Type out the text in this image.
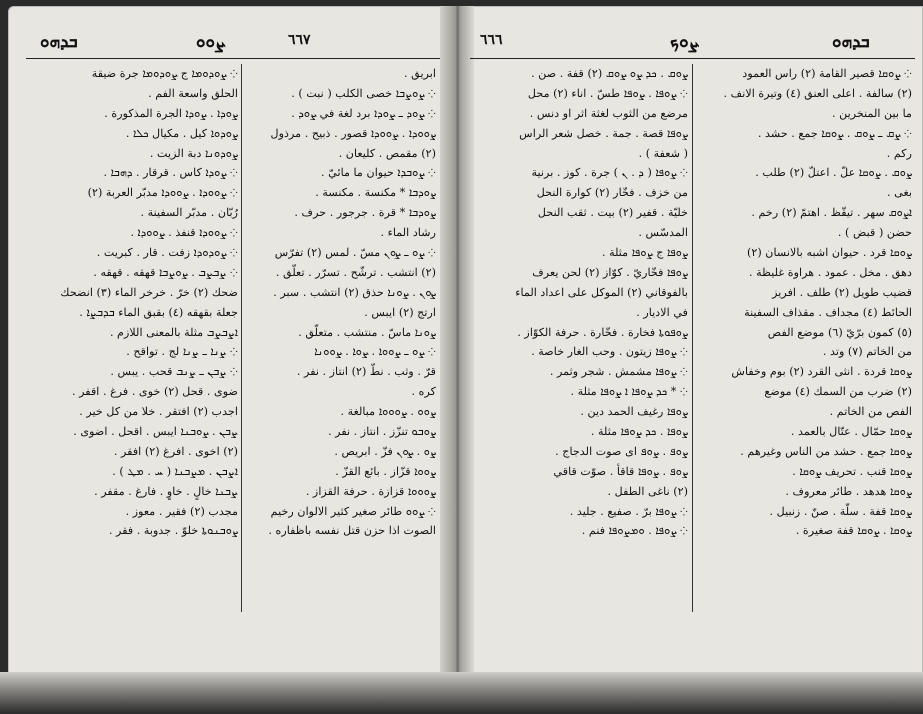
ܒܕܗܘ	ܨܘܘ	٦٦٧
ابريق .
⁘ ܨܘܨܒܐ خصى الكلب ( نبت ) .
⁘ ܨܘܕ ـ ܨܘܕܐ برد لغة في ܨܘܕ .
ܨܘܘܕܐ . ܨܘܘܕܐ قصور . ذبيح . مرذول
(٢) مقمص . كليعان .
⁘ ܨܘܒܕܐ حيوان ما مائيّ .
ܨܘܕܒܐ * مكنسة . مكنسة .
ܨܘܕܒܐ * قرة . جرجور . حرف .
رشاد الماء .
⁘ ܨܘ ـ ܨܘܢ مسّ . لمس (٢) تفرّس
(٢) انتشب . ترشّح . تسرّر . تعلّق .
ܨܘܢ . ܨܘܢܐ حذق (٢) انتشب . سبر .
ارتج (٢) ايبس .
ܨܘܢܐ ماسّ . منتشب . متعلّق .
⁘ ܨܘ ـ ܨܘܘܐ . ܨܘܐ . ܨܘܘܢܐ
قرّ . وثب . نطّ (٢) انتاز . نفر .
كره .
ܨܘܘ . ܨܘܘܘܐ مبالغة .
ܨܘܒܘ تنزّز . انتاز . نفر .
ܨܘ . ܨܘܢ فزّ . ابريص .
ܨܘܘܐ قزّاز . بائع القزّ .
ܨܘܘܘܐ قزازة . حرفة القزاز .
⁘ ܨܘܘ طائر صغير كثير الالوان رخيم
الصوت اذا حزن قتل نفسه باظفاره .
⁘ ܨܘܕܘܡܐ ج ܨܘܕܘܡܐ جرة ضيقة
الحلق واسعة الفم .
ܨܘܕܐ . ܨܘܕܐ الجرة المذكورة .
ܨܘܕܘܐ كيل . مكيال ܟܠܐ .
ܨܘܕܘܢܐ دبة الزيت .
⁘ ܨܘܕܐ كاس . قرقار . ܕܗܒܐ .
⁘ ܨܘܘܕܐ . ܨܘܘܕܐ مدبّر العربة (٢)
رُبّان . مدبّر السفينة .
⁘ ܨܘܘܕܐ قنفذ . ܨܘܘܕܐ .
⁘ ܨܘܕܘܕܐ زفت . قار . كبريت .
⁘ ܨܒܨܒ . ܨܘܨܒܐ قهقه . قهقه .
ضحك (٢) خرّ . خرخر الماء (٣) انضحك
جعلة بقهقه (٤) بقبق الماء ܒܕܒܨܐ .
ܐܨܒܨܒ مثلة بالمعنى اللازم .
⁘ ܨܢܐ ـ ܨܢܐ لج . تواقح .
⁘ ܨܒܢ ـ ܨܢܒ قحب . يبس .
ضوى . قحل (٢) خوى . فرغ . اقفر .
اجدب (٢) افتقر . خلا من كل خير .
ܨܒܢ . ܨܘܒܢܐ ايبس . اقحل . اضوى .
(٢) اخوى . افرغ (٢) افقر .
ܐܨܒܢ . ܡܨܒܢܐ ( ܚ . ܡܛ ) .
ܨܒܢܐ خالٍ . خاوٍ . فارغ . مقفر .
مجدب (٢) فقير . معوز .
ܨܘܒܢܘܬܐ خلوّ . جدوبة . فقر .
٦٦٦	ܨܘܟ	ܒܕܗܘ
⁘ ܨܘܩܐ قصير القامة (٢) راس العمود
(٢) سالفة . اعلى العنق (٤) وتيرة الانف .
ما بين المنخرين .
⁘ ܨܩ ـ ܨܘܩ . ܨܘܩܐ جمع . حشد .
ركم .
ܨܘܩ . ܨܘܩܐ علّ . اعتلّ (٢) طلب .
بغى .
ܐܨܘܩ سهر . تيقّظ . اهتمّ (٢) رخم .
حضن ( قبض ) .
ܨܘܩܐ قرد . حيوان اشبه بالانسان (٢)
دهق . مخل . عمود . هراوة غليظة .
قضيب طويل (٢) طلف . افريز
الحائط (٤) مجداف . مقذاف السفينة
(٥) كمون برّيّ (٦) موضع الفص
من الخاتم (٧) وتد .
ܨܘܩܐ قردة . انثى القرد (٢) بوم وخفاش
(٢) ضرب من السمك (٤) موضع
الفص من الخاتم .
ܨܘܩܐ حمّال . عتّال بالعمد .
ܨܘܩܐ جمع . حشد من الناس وغيرهم .
ܨܘܩܐ قنب . تحريف ܨܘܩܐ .
ܨܘܩܐ هدهد . طائر معروف .
ܨܘܩܐ قفة . سلّة . صنّ . زنبيل .
ܨܘܩܐ . ܨܘܩܐ قفة صغيرة .
ܨܘܩ . ܟܕ ܨܘ ܨܘܩ (٢) قفة . صن .
⁘ ܨܘܦܐ . ܨܘܦܐ طسّ . اناء (٢) محل
مرضع من الثوب لغثة اثر او دنس .
ܨܘܦܐ قصة . جمة . خصل شعر الراس
( شعفة ) .
⁘ ܨܘܦܐ ( ܕ . ܢ ) جرة . كوز . برنية
من خزف . فخّار (٢) كوارة النحل
خليّة . قفير (٢) بيت . ثقب النحل
المدسّس .
ܨܘܦܐ ج ܨܘܦܐ مثلة .
ܨܘܦܐ فخّاريّ . كوّاز (٢) لحن يعرف
بالفوقاني (٢) الموكل على اعداد الماء
في الاديار .
ܨܘܦܘܬܐ فخارة . فخّارة . حرفة الكوّاز .
⁘ ܨܘܦܐ زيتون . وحب الغار خاصة .
⁘ ܨܘܦܐ مشمش . شجر وثمر .
⁘ * ܟܕ ܨܘܦܐ ܐ ܨܘܦܐ مثلة .
ܨܘܦܐ رغيف الحمد دين .
ܨܘܦܐ . ܟܕ ܨܘܦܐ مثلة .
ܨܘܦ . ܨܘܦ ای صوت الدجاج .
ܨܘܦ . ܨܘܦܐ قاقأ . صوّت قاقي
(٢) ناغى الطفل .
⁘ ܨܘܦܐ برّ . صفيع . جليد .
⁘ ܨܘܦܐ . ܘܡܨܘܦܐ فنم .
